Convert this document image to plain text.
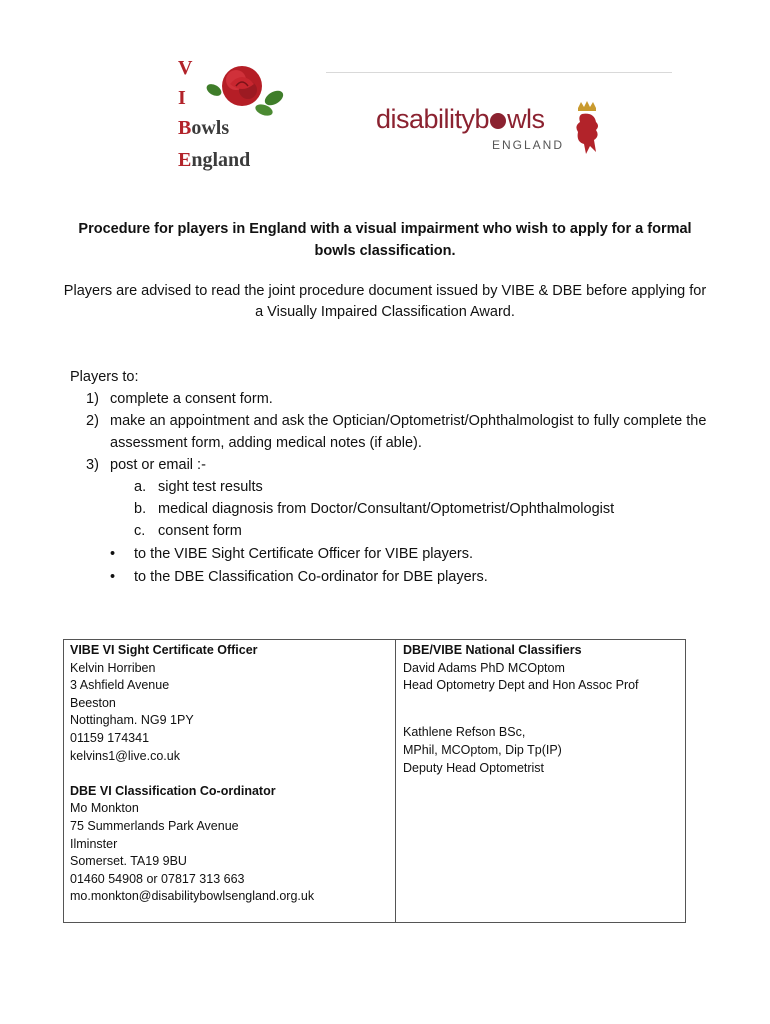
V
I
Bowls
England
disabilityb wls
ENGLAND
Procedure for players in England with a visual impairment who wish to apply for a formal bowls classification.
Players are advised to read the joint procedure document issued by VIBE & DBE before applying for a Visually Impaired Classification Award.
Players to:
1) complete a consent form.
2) make an appointment and ask the Optician/Optometrist/Ophthalmologist to fully complete the assessment form, adding medical notes (if able).
3) post or email :-
a. sight test results
b. medical diagnosis from Doctor/Consultant/Optometrist/Ophthalmologist
c. consent form
• to the VIBE Sight Certificate Officer for VIBE players.
• to the DBE Classification Co-ordinator for DBE players.
VIBE VI Sight Certificate Officer
Kelvin Horriben
3 Ashfield Avenue
Beeston
Nottingham. NG9 1PY
01159 174341
kelvins1@live.co.uk
DBE VI Classification Co-ordinator
Mo Monkton
75 Summerlands Park Avenue
Ilminster
Somerset. TA19 9BU
01460 54908 or 07817 313 663
mo.monkton@disabilitybowlsengland.org.uk
DBE/VIBE National Classifiers
David Adams PhD MCOptom
Head Optometry Dept and Hon Assoc Prof
Kathlene Refson BSc,
MPhil, MCOptom, Dip Tp(IP)
Deputy Head Optometrist
